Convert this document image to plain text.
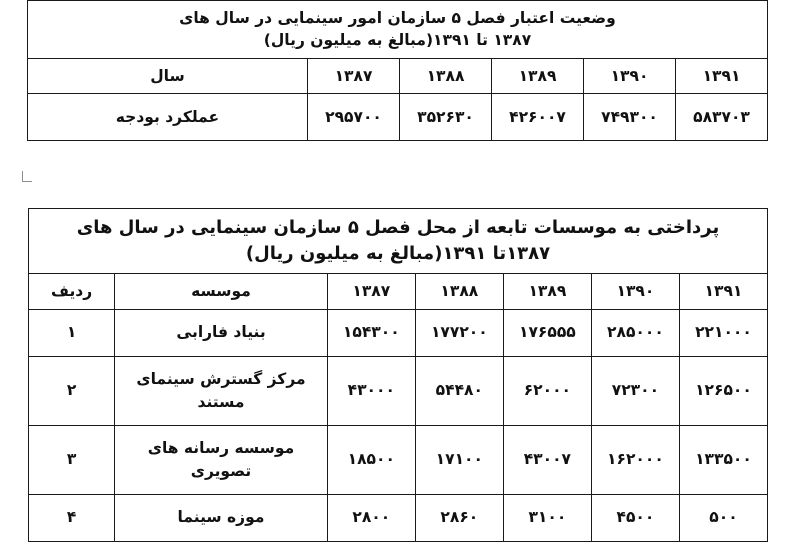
وضعیت اعتبار فصل ۵ سازمان امور سینمایی در سال های
۱۳۸۷ تا ۱۳۹۱(مبالغ به میلیون ریال)					

۱۳۹۱	۱۳۹۰	۱۳۸۹	۱۳۸۸	۱۳۸۷	سال
۵۸۳۷۰۳	۷۴۹۳۰۰	۴۲۶۰۰۷	۳۵۲۶۳۰	۲۹۵۷۰۰	عملکرد بودجه
پرداختی به موسسات تابعه از محل فصل ۵ سازمان سینمایی در سال های
۱۳۸۷تا ۱۳۹۱(مبالغ به میلیون ریال)						

۱۳۹۱	۱۳۹۰	۱۳۸۹	۱۳۸۸	۱۳۸۷	موسسه	ردیف
۲۲۱۰۰۰	۲۸۵۰۰۰	۱۷۶۵۵۵	۱۷۷۲۰۰	۱۵۴۳۰۰	بنیاد فارابی	۱
۱۲۶۵۰۰	۷۲۳۰۰	۶۲۰۰۰	۵۴۴۸۰	۴۳۰۰۰	مرکز گسترش سینمای مستند	۲
۱۳۳۵۰۰	۱۶۲۰۰۰	۴۳۰۰۷	۱۷۱۰۰	۱۸۵۰۰	موسسه رسانه های تصویری	۳
۵۰۰	۴۵۰۰	۳۱۰۰	۲۸۶۰	۲۸۰۰	موزه سینما	۴
